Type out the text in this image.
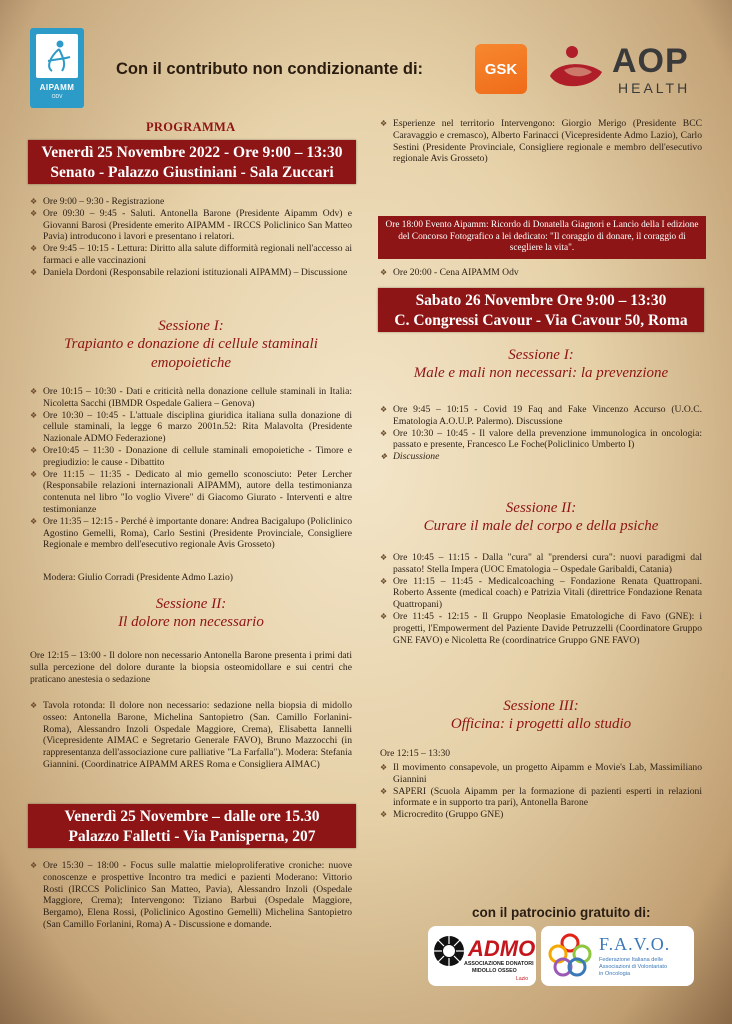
AIPAMM
ODV
Con il contributo non condizionante di:	GSK	AOP
HEALTH
PROGRAMMA
Venerdì 25 Novembre 2022 - Ore 9:00 – 13:30
Senato - Palazzo Giustiniani - Sala Zuccari
❖ Ore 9:00 – 9:30 - Registrazione
❖ Ore 09:30 – 9:45 - Saluti. Antonella Barone (Presidente Aipamm Odv) e Giovanni Barosi (Presidente emerito AIPAMM - IRCCS Policlinico San Matteo Pavia) introducono i lavori e presentano i relatori.
❖ Ore 9:45 – 10:15 - Lettura: Diritto alla salute difformità regionali nell'accesso ai farmaci e alle vaccinazioni
❖ Daniela Dordoni (Responsabile relazioni istituzionali AIPAMM) – Discussione
Sessione I:
Trapianto e donazione di cellule staminali emopoietiche
❖ Ore 10:15 – 10:30 - Dati e criticità nella donazione cellule staminali in Italia: Nicoletta Sacchi (IBMDR Ospedale Galiera – Genova)
❖ Ore 10:30 – 10:45 - L'attuale disciplina giuridica italiana sulla donazione di cellule staminali, la legge 6 marzo 2001n.52: Rita Malavolta (Presidente Nazionale ADMO Federazione)
❖ Ore10:45 – 11:30 - Donazione di cellule staminali emopoietiche - Timore e pregiudizio: le cause - Dibattito
❖ Ore 11:15 – 11:35 - Dedicato al mio gemello sconosciuto: Peter Lercher (Responsabile relazioni internazionali AIPAMM), autore della testimonianza contenuta nel libro "Io voglio Vivere" di Giacomo Giurato - Interventi e altre testimonianze
❖ Ore 11:35 – 12:15 - Perché è importante donare: Andrea Bacigalupo (Policlinico Agostino Gemelli, Roma), Carlo Sestini (Presidente Provinciale, Consigliere Regionale e membro dell'esecutivo regionale Avis Grosseto)
Modera: Giulio Corradi (Presidente Admo Lazio)
Sessione II:
Il dolore non necessario
Ore 12:15 – 13:00 - Il dolore non necessario Antonella Barone presenta i primi dati sulla percezione del dolore durante la biopsia osteomidollare e sui centri che praticano anestesia o sedazione
❖ Tavola rotonda: Il dolore non necessario: sedazione nella biopsia di midollo osseo: Antonella Barone, Michelina Santopietro (San. Camillo Forlanini- Roma), Alessandro Inzoli Ospedale Maggiore, Crema), Elisabetta Iannelli (Vicepresidente AIMAC e Segretario Generale FAVO), Bruno Mazzocchi (in rappresentanza dell'associazione cure palliative "La Farfalla"). Modera: Stefania Giannini. (Coordinatrice AIPAMM ARES Roma e Consigliera AIMAC)
Venerdì 25 Novembre – dalle ore 15.30
Palazzo Falletti - Via Panisperna, 207
❖ Ore 15:30 – 18:00 - Focus sulle malattie mieloproliferative croniche: nuove conoscenze e prospettive Incontro tra medici e pazienti Moderano: Vittorio Rosti (IRCCS Policlinico San Matteo, Pavia), Alessandro Inzoli (Ospedale Maggiore, Crema); Intervengono: Tiziano Barbui (Ospedale Maggiore, Bergamo), Elena Rossi, (Policlinico Agostino Gemelli) Michelina Santopietro (San Camillo Forlanini, Roma) A - Discussione e domande.
❖ Esperienze nel territorio Intervengono: Giorgio Merigo (Presidente BCC Caravaggio e cremasco), Alberto Farinacci (Vicepresidente Admo Lazio), Carlo Sestini (Presidente Provinciale, Consigliere regionale e membro dell'esecutivo regionale Avis Grosseto)
Ore 18:00 Evento Aipamm: Ricordo di Donatella Giagnori e Lancio della I edizione del Concorso Fotografico a lei dedicato: "Il coraggio di donare, il coraggio di scegliere la vita".
❖ Ore 20:00 - Cena AIPAMM Odv
Sabato 26 Novembre Ore 9:00 – 13:30
C. Congressi Cavour - Via Cavour 50, Roma
Sessione I:
Male e mali non necessari: la prevenzione
❖ Ore 9:45 – 10:15 - Covid 19 Faq and Fake Vincenzo Accurso (U.O.C. Ematologia A.O.U.P. Palermo). Discussione
❖ Ore 10:30 – 10:45 - Il valore della prevenzione immunologica in oncologia: passato e presente, Francesco Le Foche(Policlinico Umberto I)
❖ Discussione
Sessione II:
Curare il male del corpo e della psiche
❖ Ore 10:45 – 11:15 - Dalla "cura" al "prendersi cura": nuovi paradigmi dal passato! Stella Impera (UOC Ematologia – Ospedale Garibaldi, Catania)
❖ Ore 11:15 – 11:45 - Medicalcoaching – Fondazione Renata Quattropani. Roberto Assente (medical coach) e Patrizia Vitali (direttrice Fondazione Renata Quattropani)
❖ Ore 11:45 - 12:15 - Il Gruppo Neoplasie Ematologiche di Favo (GNE): i progetti, l'Empowerment del Paziente Davide Petruzzelli (Coordinatore Gruppo GNE FAVO) e Nicoletta Re (coordinatrice Gruppo GNE FAVO)
Sessione III:
Officina: i progetti allo studio
Ore 12:15 – 13:30
❖ Il movimento consapevole, un progetto Aipamm e Movie's Lab, Massimiliano Giannini
❖ SAPERI (Scuola Aipamm per la formazione di pazienti esperti in relazioni informate e in supporto tra pari), Antonella Barone
❖ Microcredito (Gruppo GNE)
con il patrocinio gratuito di:
ADMO
ASSOCIAZIONE DONATORI
MIDOLLO OSSEO
Lazio
F.A.V.O.
Federazione Italiana delle
Associazioni di Volontariato
in Oncologia
